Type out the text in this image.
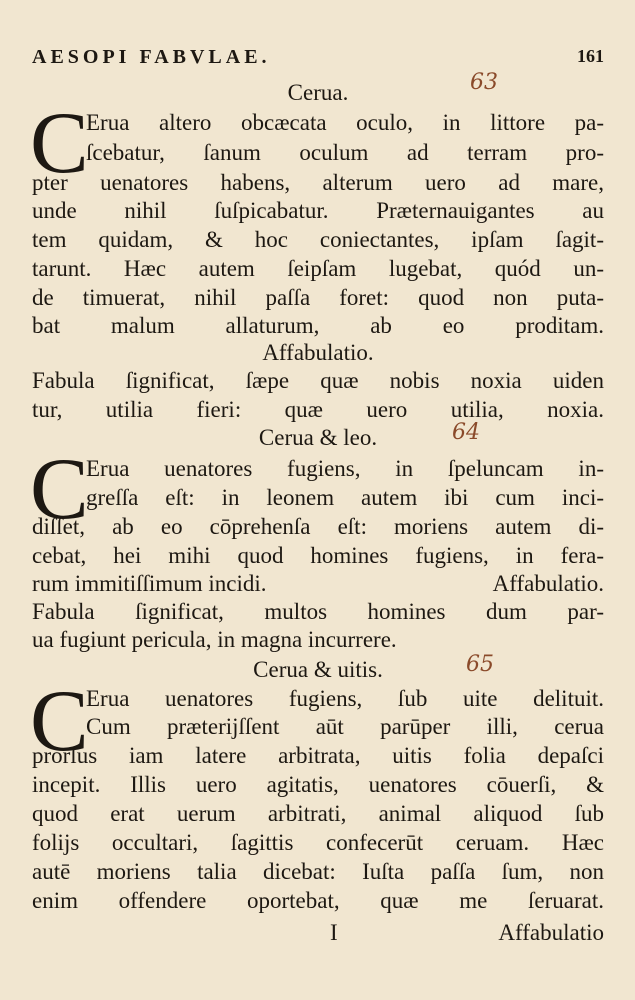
AESOPI FABVLAE.	161
Cerua.	63
C
Erua altero obcæcata oculo, in littore pa-
ſcebatur, ſanum oculum ad terram pro-
pter uenatores habens, alterum uero ad mare,
unde nihil ſuſpicabatur. Præternauigantes au
tem quidam, & hoc coniectantes, ipſam ſagit-
tarunt. Hæc autem ſeipſam lugebat, quód un-
de timuerat, nihil paſſa foret: quod non puta-
bat malum allaturum, ab eo proditam.
Affabulatio.
Fabula ſignificat, ſæpe quæ nobis noxia uiden
tur, utilia fieri: quæ uero utilia, noxia.
Cerua & leo.	64
C
Erua uenatores fugiens, in ſpeluncam in-
greſſa eſt: in leonem autem ibi cum inci-
diſſet, ab eo cōprehenſa eſt: moriens autem di-
cebat, hei mihi quod homines fugiens, in fera-
rum immitiſſimum incidi.	Affabulatio.
Fabula ſignificat, multos homines dum par-
ua fugiunt pericula, in magna incurrere.
Cerua & uitis.	65
C
Erua uenatores fugiens, ſub uite delituit.
Cum præterijſſent aūt parūper illi, cerua
prorſus iam latere arbitrata, uitis folia depaſci
incepit. Illis uero agitatis, uenatores cōuerſi, &
quod erat uerum arbitrati, animal aliquod ſub
folijs occultari, ſagittis confecerūt ceruam. Hæc
autē moriens talia dicebat: Iuſta paſſa ſum, non
enim offendere oportebat, quæ me ſeruarat.
I	Affabulatio
